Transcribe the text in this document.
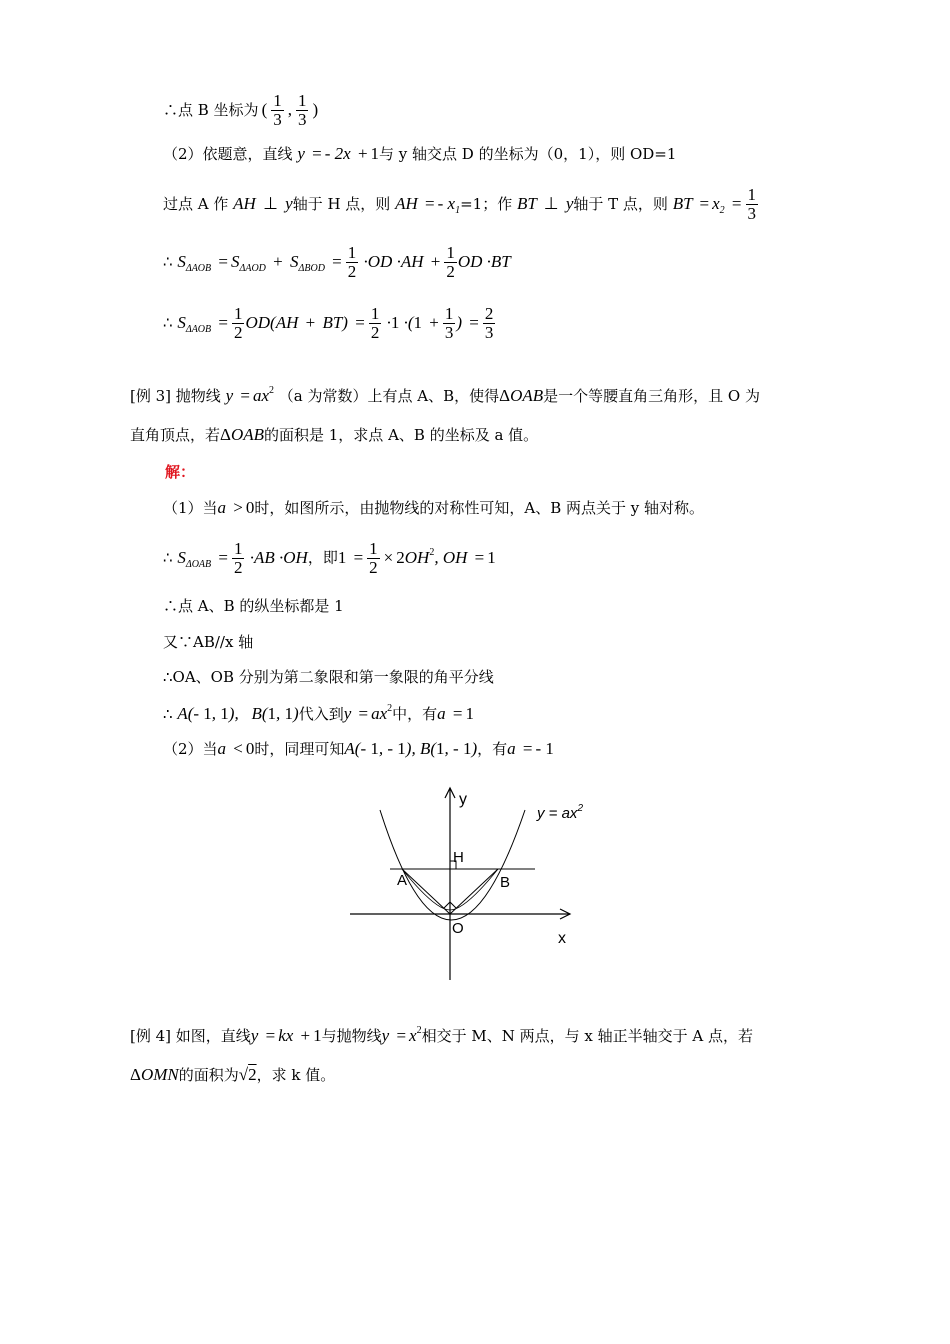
∴点 B 坐标为 ( $\frac{1}{3}$ , $\frac{1}{3}$ )
（2）依题意，直线 y = - 2x + 1与 y 轴交点 D 的坐标为（0，1），则 OD=1
过点 A 作 AH ⊥ y轴于 H 点，则 AH = - $x_1=1$；作 BT ⊥ y轴于 T 点，则 BT = $x_2 = \frac{1}{3}$
∴ $S_{\Delta AOB} = S_{\Delta AOD} + S_{\Delta BOD} = \frac{1}{2} \cdot OD \cdot AH + \frac{1}{2}$ OD ·BT
∴ $S_{\Delta AOB} = \frac{1}{2} OD(AH + BT) = \frac{1}{2} \cdot 1 \cdot(1 + \frac{1}{3}$ ) = $\frac{2}{3}$
[例 3] 抛物线 $y = ax^2$ （a 为常数）上有点 A、B，使得ΔOAB是一个等腰直角三角形，且 O 为
直角顶点，若ΔOAB的面积是 1，求点 A、B 的坐标及 a 值。
解：
（1）当a > 0时，如图所示，由抛物线的对称性可知，A、B 两点关于 y 轴对称。
∴ $S_{\Delta OAB} = \frac{1}{2} \cdot AB \cdot OH$，即$1 = \frac{1}{2} \times 2OH^2$, OH = 1
∴点 A、B 的纵坐标都是 1
又∵AB//x 轴
∴OA、OB 分别为第二象限和第一象限的角平分线
∴ A(- 1, 1),   B(1, 1)代入到$y = ax^2$中，有a = 1
（2）当a < 0时，同理可知A(- 1, - 1), B(1, - 1)，有a = - 1
y
H
A	B
O
x
$y = ax^2$
[例 4] 如图，直线y = kx + 1与抛物线$y = x^2$相交于 M、N 两点，与 x 轴正半轴交于 A 点，若
ΔOMN的面积为√2，求 k 值。
